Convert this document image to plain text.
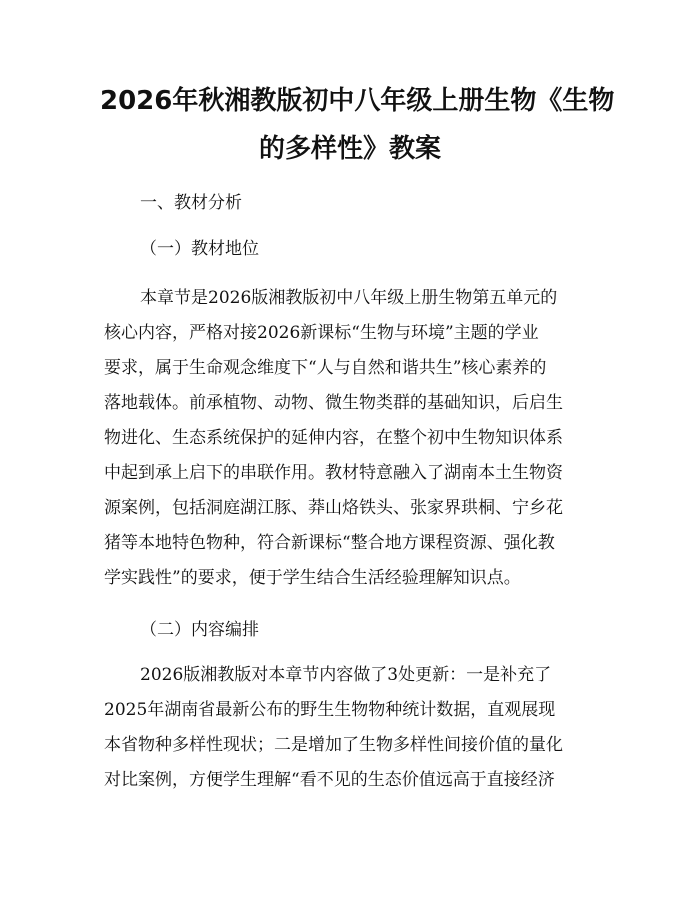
2026年秋湘教版初中八年级上册生物《生物
的多样性》教案

一、教材分析

（一）教材地位

本章节是2026版湘教版初中八年级上册生物第五单元的

核心内容，严格对接2026新课标“生物与环境”主题的学业

要求，属于生命观念维度下“人与自然和谐共生”核心素养的

落地载体。前承植物、动物、微生物类群的基础知识，后启生

物进化、生态系统保护的延伸内容，在整个初中生物知识体系

中起到承上启下的串联作用。教材特意融入了湖南本土生物资

源案例，包括洞庭湖江豚、莽山烙铁头、张家界珙桐、宁乡花

猪等本地特色物种，符合新课标“整合地方课程资源、强化教

学实践性”的要求，便于学生结合生活经验理解知识点。

（二）内容编排

2026版湘教版对本章节内容做了3处更新：一是补充了

2025年湖南省最新公布的野生生物物种统计数据，直观展现

本省物种多样性现状；二是增加了生物多样性间接价值的量化

对比案例，方便学生理解“看不见的生态价值远高于直接经济
